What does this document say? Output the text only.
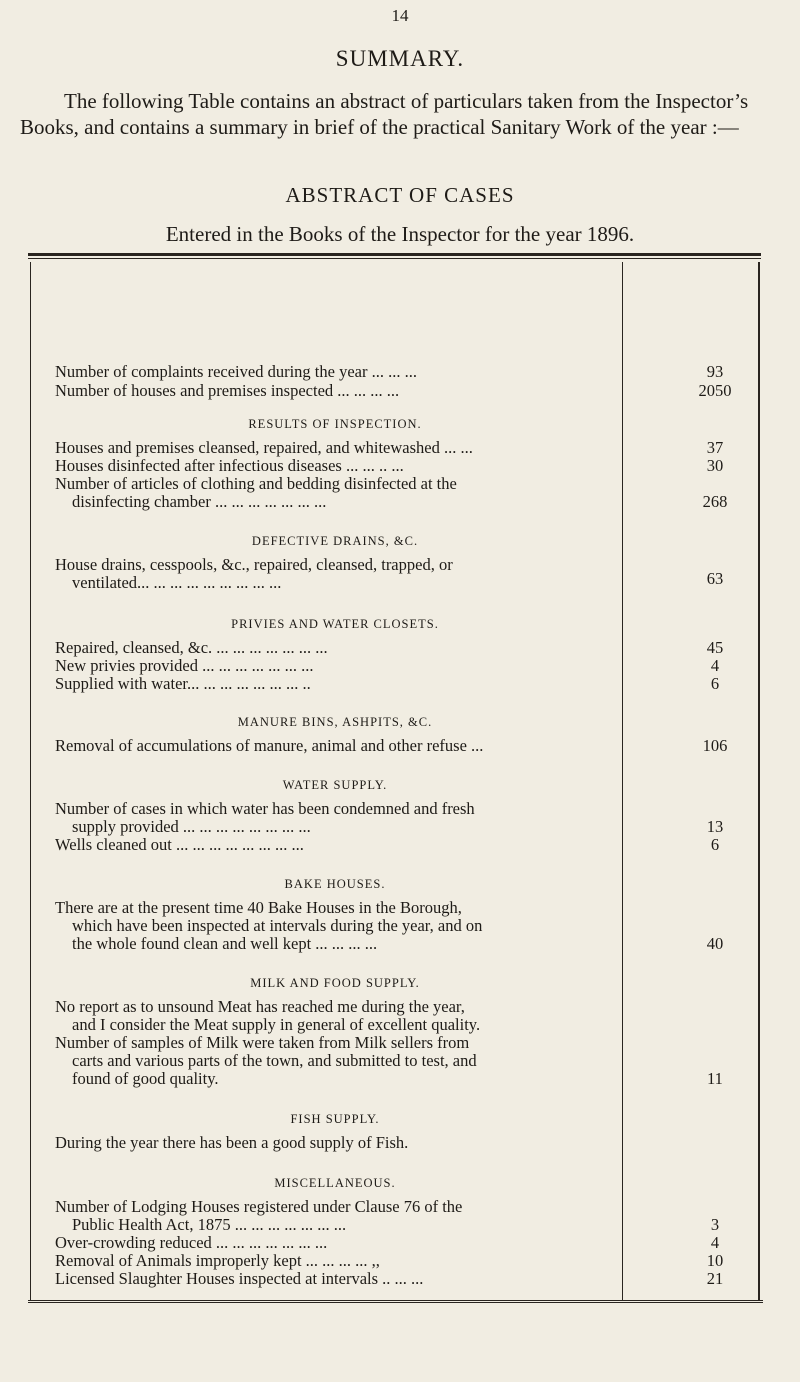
14
SUMMARY.
The following Table contains an abstract of particulars taken from the Inspector’s Books, and contains a summary in brief of the practical Sanitary Work of the year :—
ABSTRACT OF CASES
Entered in the Books of the Inspector for the year 1896.
Number of complaints received during the year ... ... ...	93
Number of houses and premises inspected ... ... ... ...	2050
RESULTS OF INSPECTION.
Houses and premises cleansed, repaired, and whitewashed ... ...	37
Houses disinfected after infectious diseases ... ... .. ...	30
Number of articles of clothing and bedding disinfected at the
disinfecting chamber ... ... ... ... ... ... ...	268
DEFECTIVE DRAINS, &C.
House drains, cesspools, &c., repaired, cleansed, trapped, or
ventilated... ... ... ... ... ... ... ... ...	63
PRIVIES AND WATER CLOSETS.
Repaired, cleansed, &c. ... ... ... ... ... ... ...	45
New privies provided ... ... ... ... ... ... ...	4
Supplied with water... ... ... ... ... ... ... ..	6
MANURE BINS, ASHPITS, &C.
Removal of accumulations of manure, animal and other refuse ...	106
WATER SUPPLY.
Number of cases in which water has been condemned and fresh
supply provided ... ... ... ... ... ... ... ...	13
Wells cleaned out ... ... ... ... ... ... ... ...	6
BAKE HOUSES.
There are at the present time 40 Bake Houses in the Borough,
which have been inspected at intervals during the year, and on
the whole found clean and well kept ... ... ... ...	40
MILK AND FOOD SUPPLY.
No report as to unsound Meat has reached me during the year,
and I consider the Meat supply in general of excellent quality.
Number of samples of Milk were taken from Milk sellers from
carts and various parts of the town, and submitted to test, and
found of good quality.	11
FISH SUPPLY.
During the year there has been a good supply of Fish.
MISCELLANEOUS.
Number of Lodging Houses registered under Clause 76 of the
Public Health Act, 1875 ... ... ... ... ... ... ...	3
Over-crowding reduced ... ... ... ... ... ... ...	4
Removal of Animals improperly kept ... ... ... ... ,,	10
Licensed Slaughter Houses inspected at intervals .. ... ...	21
